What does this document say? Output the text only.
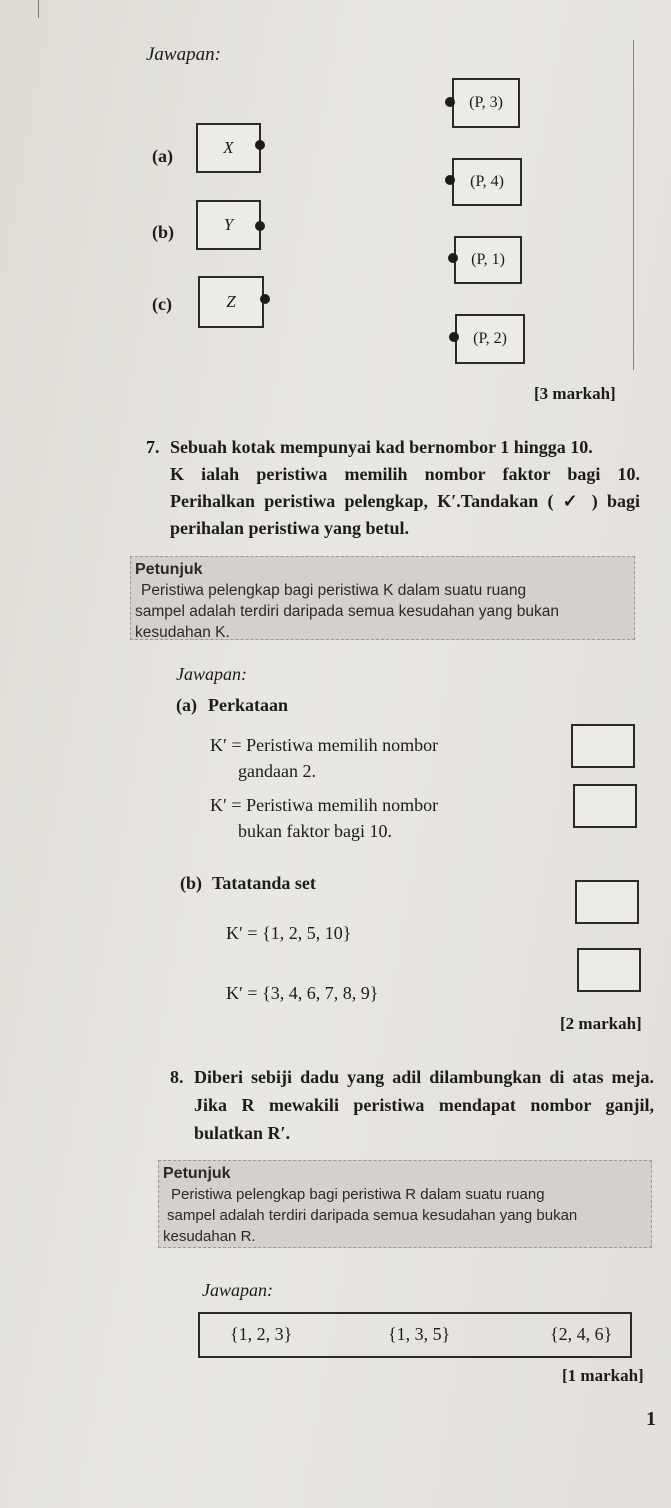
Jawapan:
(a)
(b)
(c)
X
Y
Z
(P, 3)
(P, 4)
(P, 1)
(P, 2)
[3 markah]
7. Sebuah kotak mempunyai kad bernombor 1 hingga 10.
K ialah peristiwa memilih nombor faktor bagi 10.
Perihalkan peristiwa pelengkap, K′.Tandakan ( ✓ ) bagi
perihalan peristiwa yang betul.
Petunjuk
Peristiwa pelengkap bagi peristiwa K dalam suatu ruang
sampel adalah terdiri daripada semua kesudahan yang bukan
kesudahan K.
Jawapan:
(a) Perkataan
K′ = Peristiwa memilih nombor
gandaan 2.
K′ = Peristiwa memilih nombor
bukan faktor bagi 10.
(b) Tatatanda set
K′ = {1, 2, 5, 10}
K′ = {3, 4, 6, 7, 8, 9}
[2 markah]
8. Diberi sebiji dadu yang adil dilambungkan di atas meja.
Jika R mewakili peristiwa mendapat nombor ganjil,
bulatkan R′.
Petunjuk
Peristiwa pelengkap bagi peristiwa R dalam suatu ruang
sampel adalah terdiri daripada semua kesudahan yang bukan
kesudahan R.
Jawapan:
{1, 2, 3}	{1, 3, 5}	{2, 4, 6}
[1 markah]
1
